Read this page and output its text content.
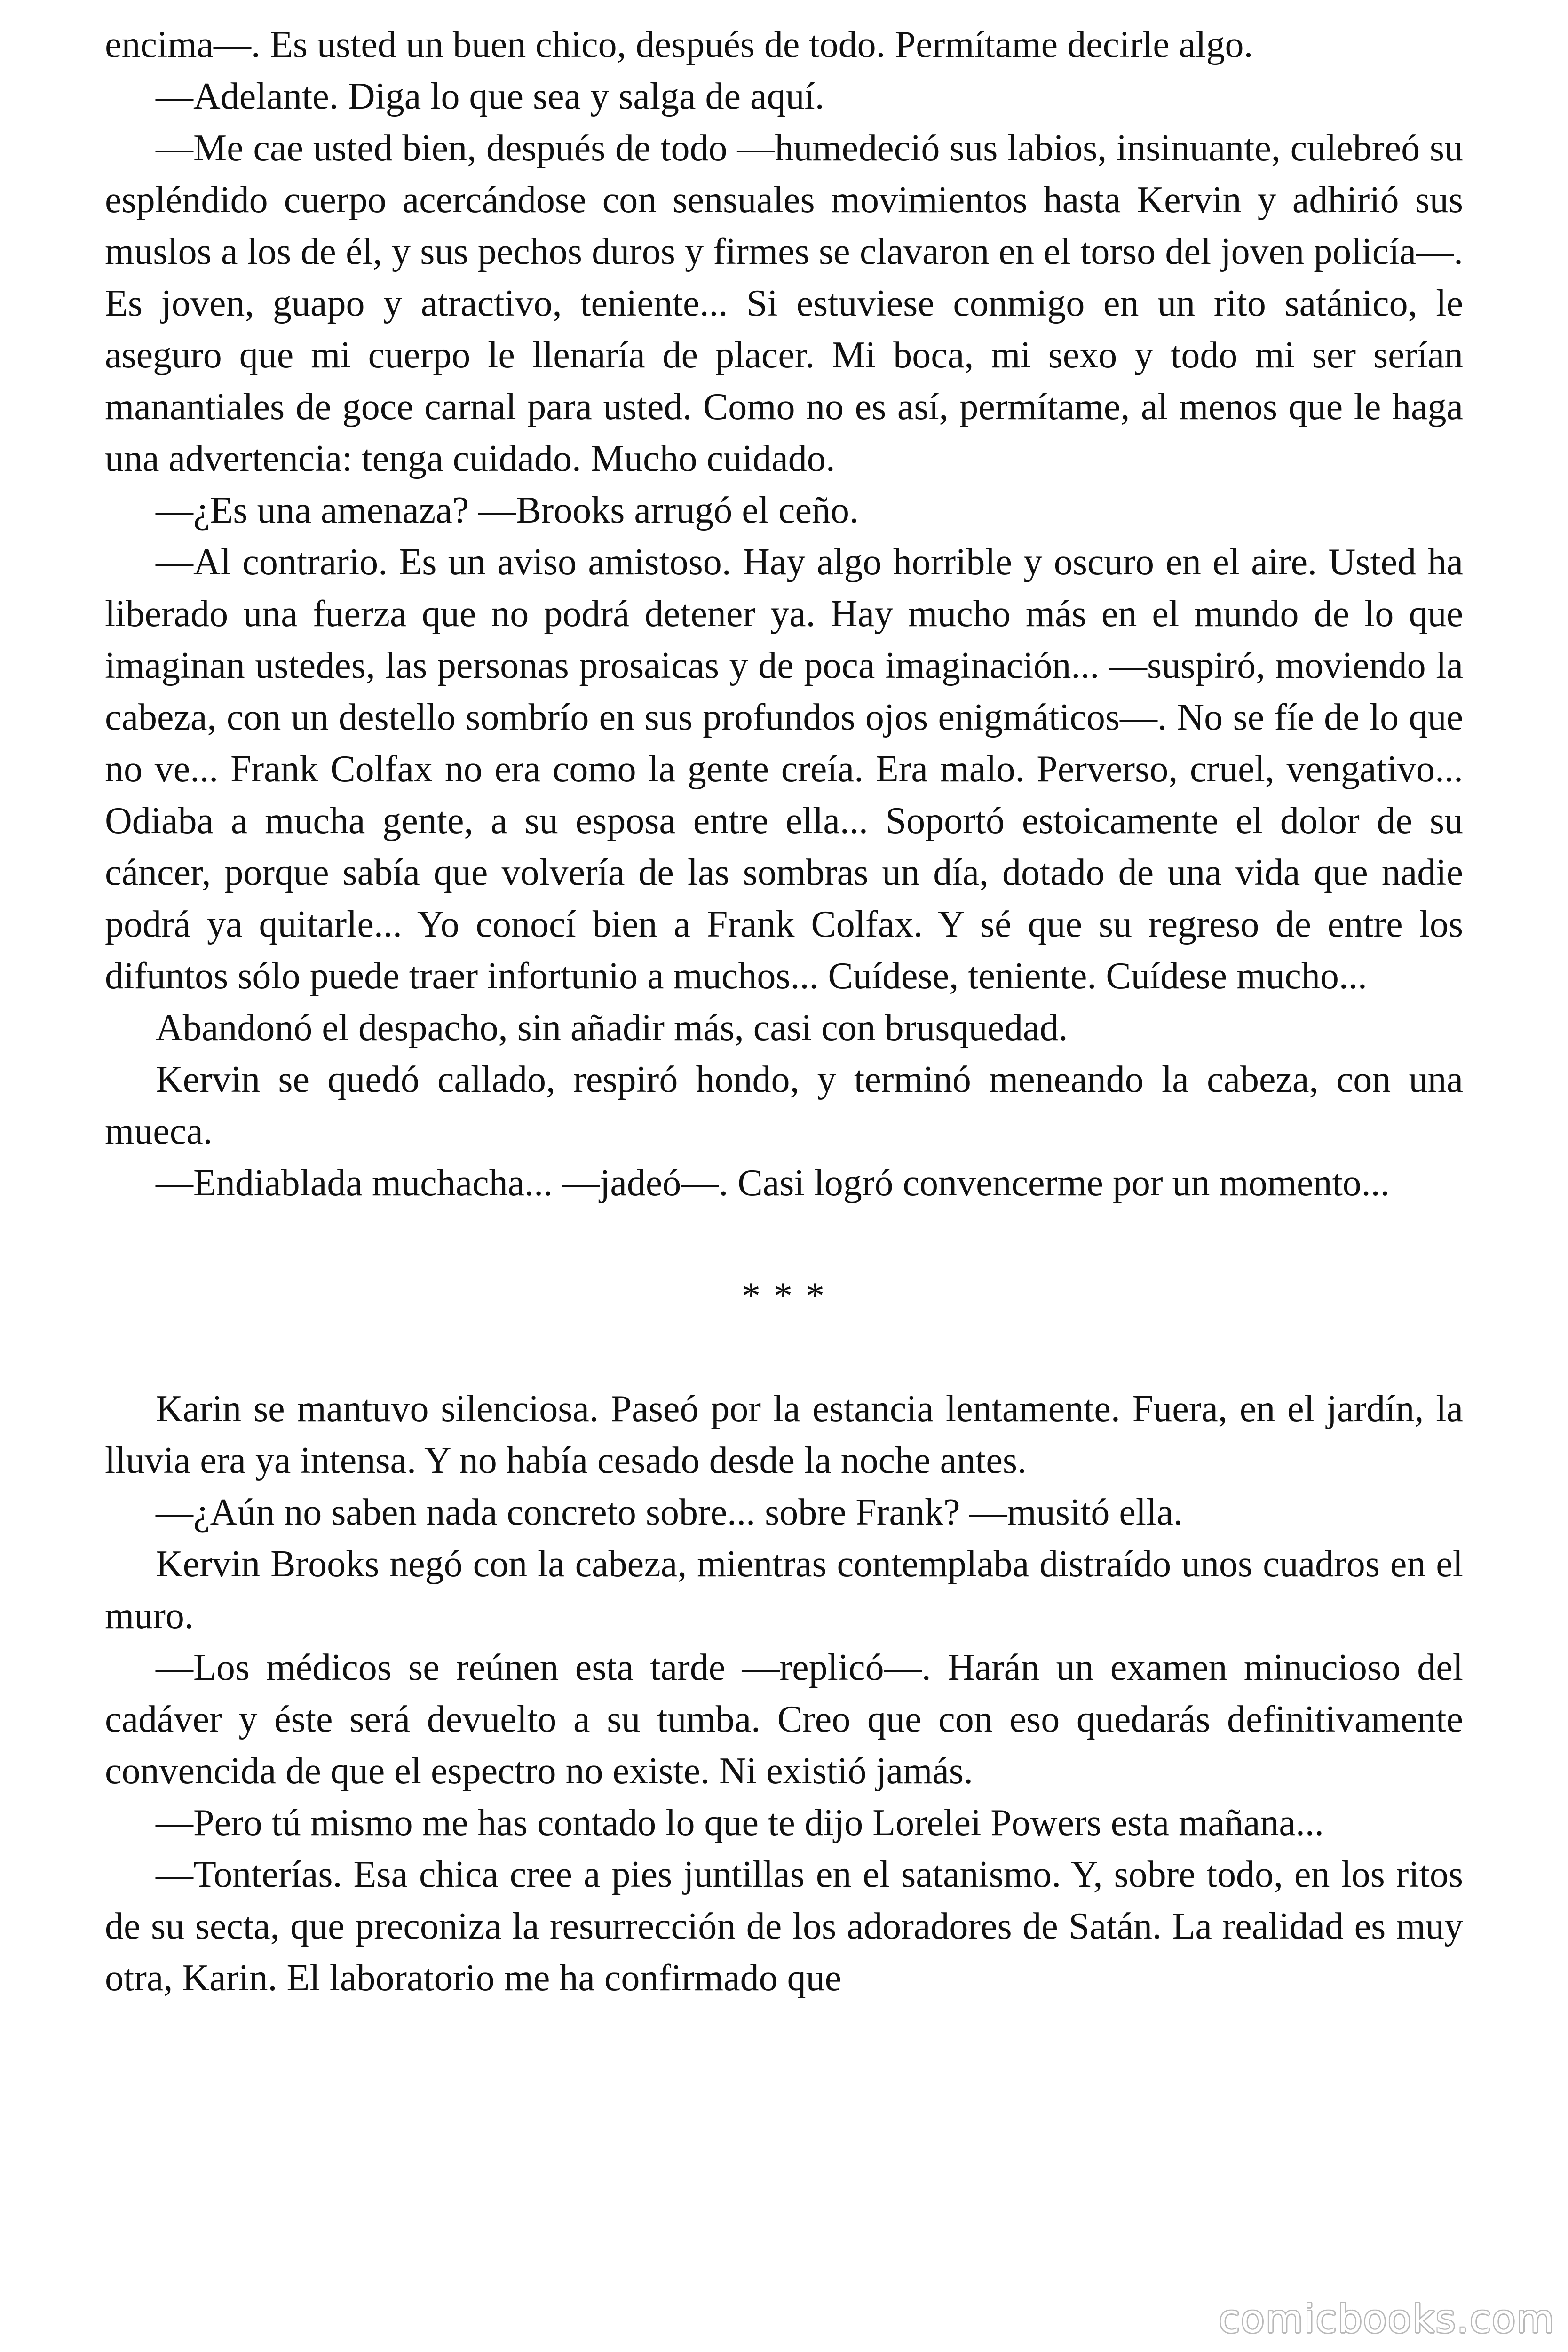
encima—. Es usted un buen chico, después de todo. Permítame decirle algo.

—Adelante. Diga lo que sea y salga de aquí.

—Me cae usted bien, después de todo —humedeció sus labios, insinuante, culebreó su espléndido cuerpo acercándose con sensuales movimientos hasta Kervin y adhirió sus muslos a los de él, y sus pechos duros y firmes se clavaron en el torso del joven policía—. Es joven, guapo y atractivo, teniente... Si estuviese conmigo en un rito satánico, le aseguro que mi cuerpo le llenaría de placer. Mi boca, mi sexo y todo mi ser serían manantiales de goce carnal para usted. Como no es así, permítame, al menos que le haga una advertencia: tenga cuidado. Mucho cuidado.

—¿Es una amenaza? —Brooks arrugó el ceño.

—Al contrario. Es un aviso amistoso. Hay algo horrible y oscuro en el aire. Usted ha liberado una fuerza que no podrá detener ya. Hay mucho más en el mundo de lo que imaginan ustedes, las personas prosaicas y de poca imaginación... —suspiró, moviendo la cabeza, con un destello sombrío en sus profundos ojos enigmáticos—. No se fíe de lo que no ve... Frank Colfax no era como la gente creía. Era malo. Perverso, cruel, vengativo... Odiaba a mucha gente, a su esposa entre ella... Soportó estoicamente el dolor de su cáncer, porque sabía que volvería de las sombras un día, dotado de una vida que nadie podrá ya quitarle... Yo conocí bien a Frank Colfax. Y sé que su regreso de entre los difuntos sólo puede traer infortunio a muchos... Cuídese, teniente. Cuídese mucho...

Abandonó el despacho, sin añadir más, casi con brusquedad.

Kervin se quedó callado, respiró hondo, y terminó meneando la cabeza, con una mueca.

—Endiablada muchacha... —jadeó—. Casi logró convencerme por un momento...

* * *

Karin se mantuvo silenciosa. Paseó por la estancia lentamente. Fuera, en el jardín, la lluvia era ya intensa. Y no había cesado desde la noche antes.

—¿Aún no saben nada concreto sobre... sobre Frank? —musitó ella.

Kervin Brooks negó con la cabeza, mientras contemplaba distraído unos cuadros en el muro.

—Los médicos se reúnen esta tarde —replicó—. Harán un examen minucioso del cadáver y éste será devuelto a su tumba. Creo que con eso quedarás definitivamente convencida de que el espectro no existe. Ni existió jamás.

—Pero tú mismo me has contado lo que te dijo Lorelei Powers esta mañana...

—Tonterías. Esa chica cree a pies juntillas en el satanismo. Y, sobre todo, en los ritos de su secta, que preconiza la resurrección de los adoradores de Satán. La realidad es muy otra, Karin. El laboratorio me ha confirmado que

comicbooks.com
